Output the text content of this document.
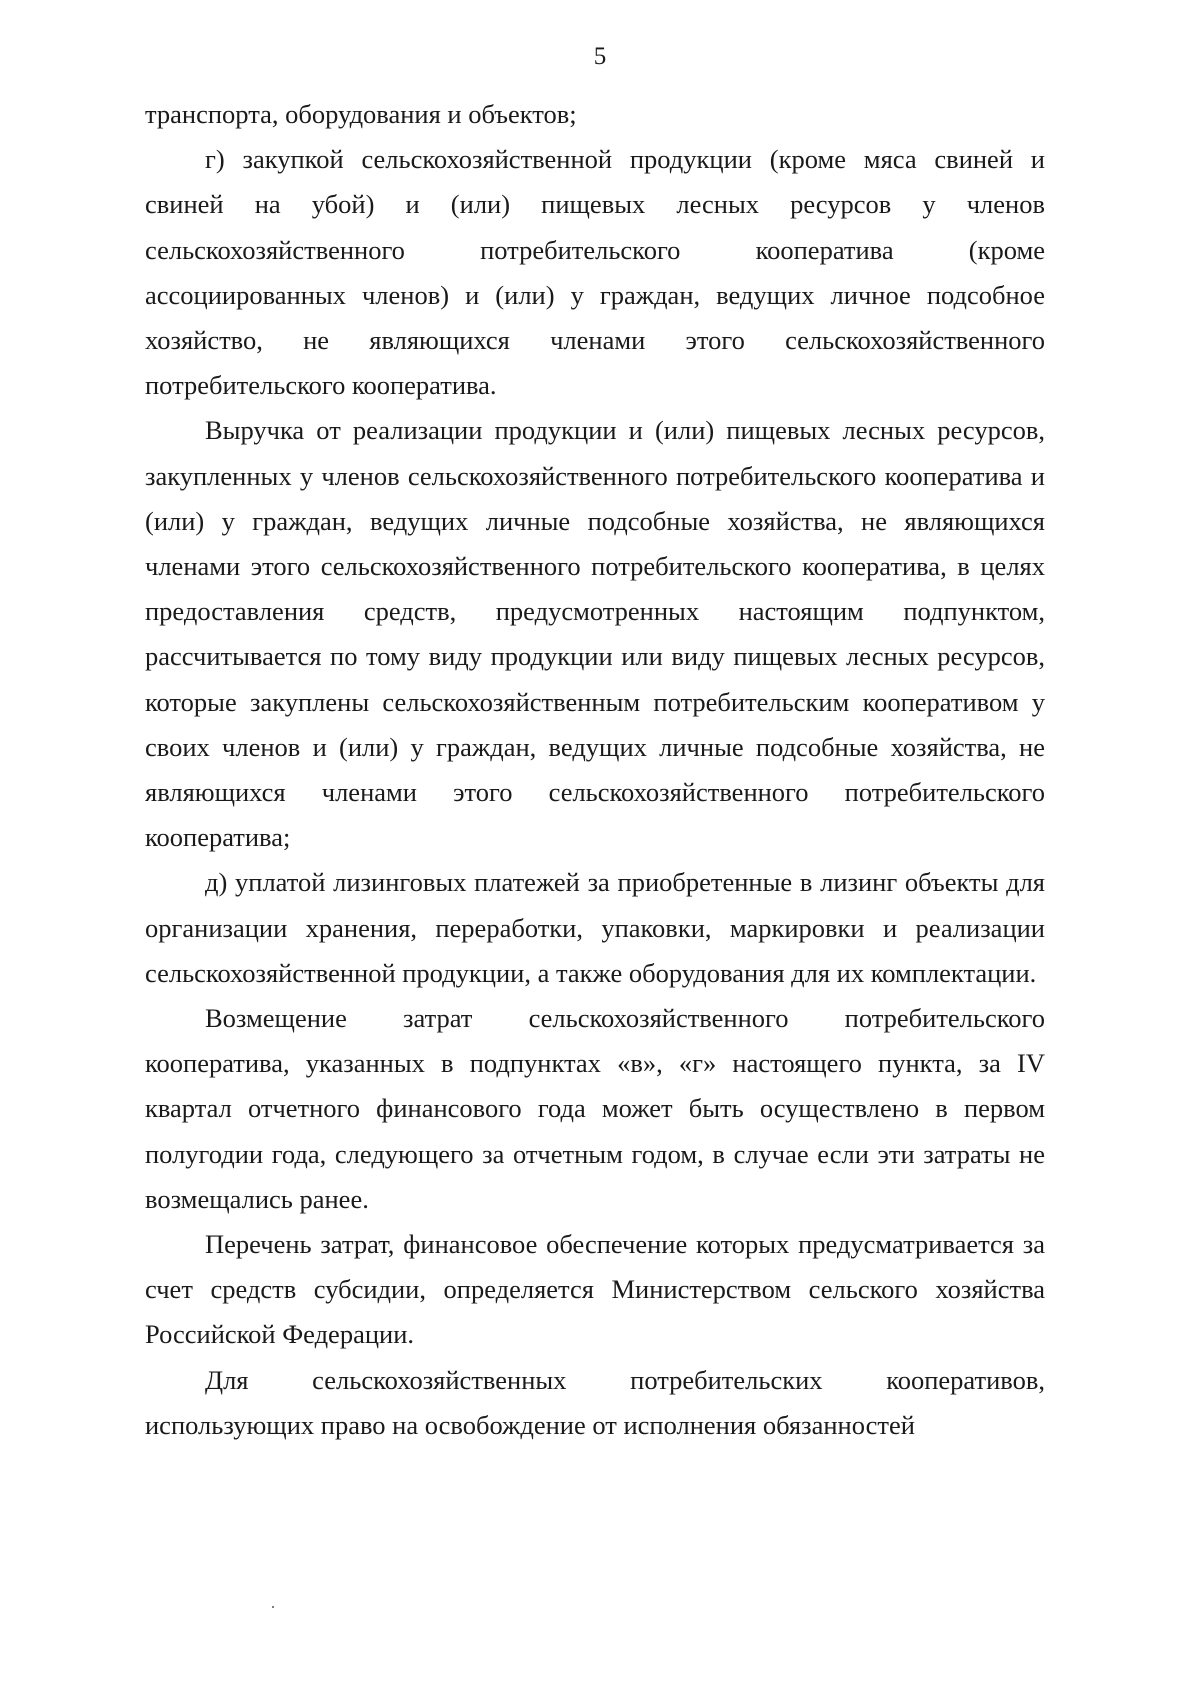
5

транспорта, оборудования и объектов;

г) закупкой сельскохозяйственной продукции (кроме мяса свиней и свиней на убой) и (или) пищевых лесных ресурсов у членов сельскохозяйственного потребительского кооператива (кроме ассоциированных членов) и (или) у граждан, ведущих личное подсобное хозяйство, не являющихся членами этого сельскохозяйственного потребительского кооператива.

Выручка от реализации продукции и (или) пищевых лесных ресурсов, закупленных у членов сельскохозяйственного потребительского кооператива и (или) у граждан, ведущих личные подсобные хозяйства, не являющихся членами этого сельскохозяйственного потребительского кооператива, в целях предоставления средств, предусмотренных настоящим подпунктом, рассчитывается по тому виду продукции или виду пищевых лесных ресурсов, которые закуплены сельскохозяйственным потребительским кооперативом у своих членов и (или) у граждан, ведущих личные подсобные хозяйства, не являющихся членами этого сельскохозяйственного потребительского кооператива;

д) уплатой лизинговых платежей за приобретенные в лизинг объекты для организации хранения, переработки, упаковки, маркировки и реализации сельскохозяйственной продукции, а также оборудования для их комплектации.

Возмещение затрат сельскохозяйственного потребительского кооператива, указанных в подпунктах «в», «г» настоящего пункта, за IV квартал отчетного финансового года может быть осуществлено в первом полугодии года, следующего за отчетным годом, в случае если эти затраты не возмещались ранее.

Перечень затрат, финансовое обеспечение которых предусматривается за счет средств субсидии, определяется Министерством сельского хозяйства Российской Федерации.

Для сельскохозяйственных потребительских кооперативов, использующих право на освобождение от исполнения обязанностей
